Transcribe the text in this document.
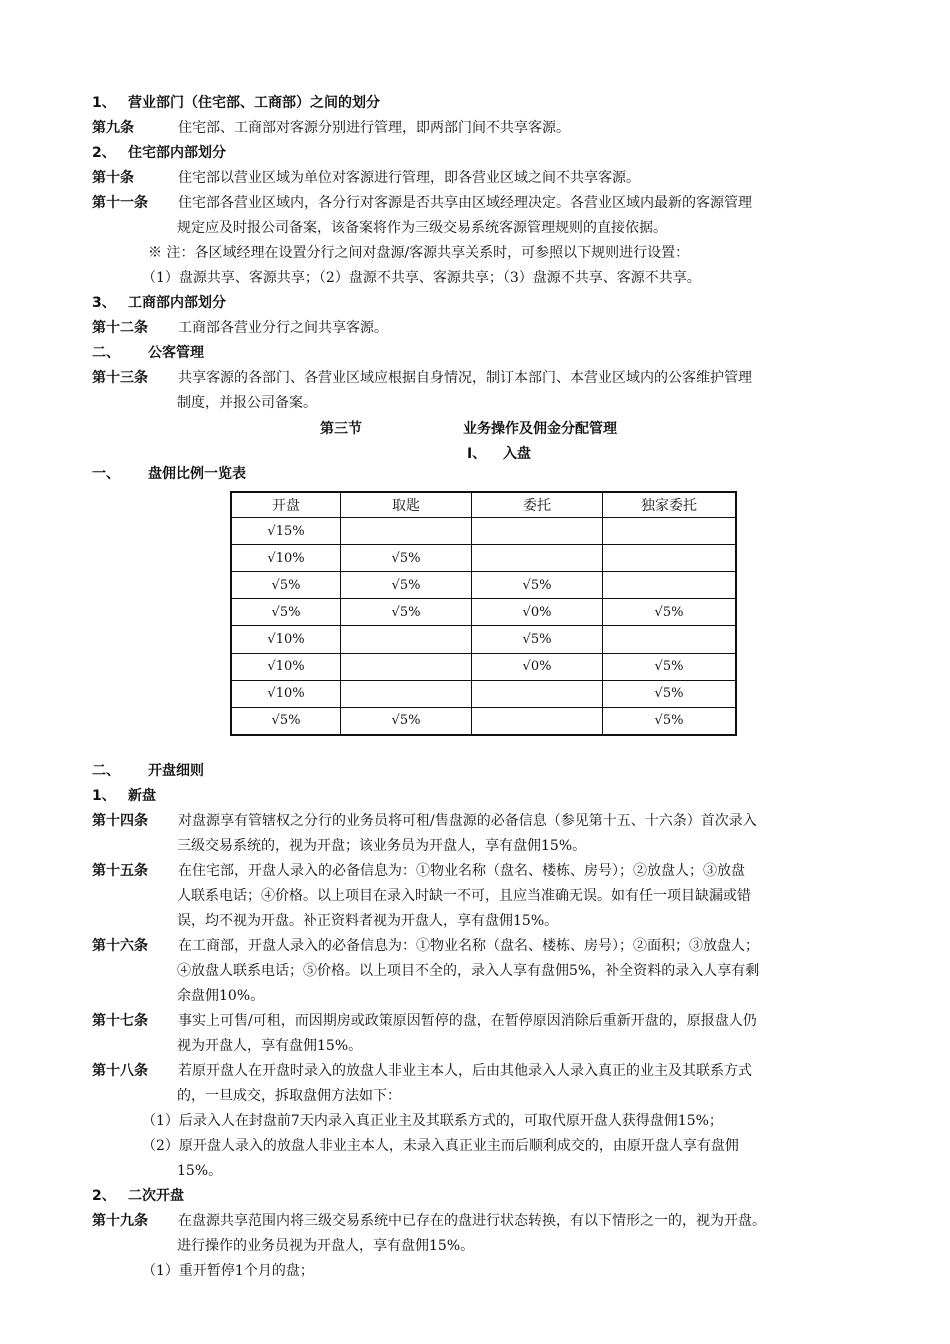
1、 营业部门（住宅部、工商部）之间的划分
第九条	住宅部、工商部对客源分别进行管理，即两部门间不共享客源。
2、 住宅部内部划分
第十条	住宅部以营业区域为单位对客源进行管理，即各营业区域之间不共享客源。
第十一条 住宅部各营业区域内，各分行对客源是否共享由区域经理决定。各营业区域内最新的客源管理
规定应及时报公司备案，该备案将作为三级交易系统客源管理规则的直接依据。
※ 注：各区域经理在设置分行之间对盘源/客源共享关系时，可参照以下规则进行设置：
（1）盘源共享、客源共享；（2）盘源不共享、客源共享；（3）盘源不共享、客源不共享。
3、 工商部内部划分
第十二条 工商部各营业分行之间共享客源。
二、 公客管理
第十三条 共享客源的各部门、各营业区域应根据自身情况，制订本部门、本营业区域内的公客维护管理
制度，并报公司备案。
第三节	业务操作及佣金分配管理
I、 入盘
一、 盘佣比例一览表
开盘	取匙	委托	独家委托
√15%			
√10%	√5%		
√5%	√5%	√5%	
√5%	√5%	√0%	√5%
√10%		√5%	
√10%		√0%	√5%
√10%			√5%
√5%	√5%		√5%
二、 开盘细则
1、 新盘
第十四条 对盘源享有管辖权之分行的业务员将可租/售盘源的必备信息（参见第十五、十六条）首次录入
三级交易系统的，视为开盘；该业务员为开盘人，享有盘佣15%。
第十五条 在住宅部，开盘人录入的必备信息为：①物业名称（盘名、楼栋、房号）；②放盘人；③放盘
人联系电话；④价格。以上项目在录入时缺一不可，且应当准确无误。如有任一项目缺漏或错
误，均不视为开盘。补正资料者视为开盘人，享有盘佣15%。
第十六条 在工商部，开盘人录入的必备信息为：①物业名称（盘名、楼栋、房号）；②面积；③放盘人；
④放盘人联系电话；⑤价格。以上项目不全的，录入人享有盘佣5%，补全资料的录入人享有剩
余盘佣10%。
第十七条 事实上可售/可租，而因期房或政策原因暂停的盘，在暂停原因消除后重新开盘的，原报盘人仍
视为开盘人，享有盘佣15%。
第十八条 若原开盘人在开盘时录入的放盘人非业主本人，后由其他录入人录入真正的业主及其联系方式
的，一旦成交，拆取盘佣方法如下：
（1）后录入人在封盘前7天内录入真正业主及其联系方式的，可取代原开盘人获得盘佣15%；
（2）原开盘人录入的放盘人非业主本人，未录入真正业主而后顺利成交的，由原开盘人享有盘佣
15%。
2、 二次开盘
第十九条 在盘源共享范围内将三级交易系统中已存在的盘进行状态转换，有以下情形之一的，视为开盘。
进行操作的业务员视为开盘人，享有盘佣15%。
（1）重开暂停1个月的盘；
